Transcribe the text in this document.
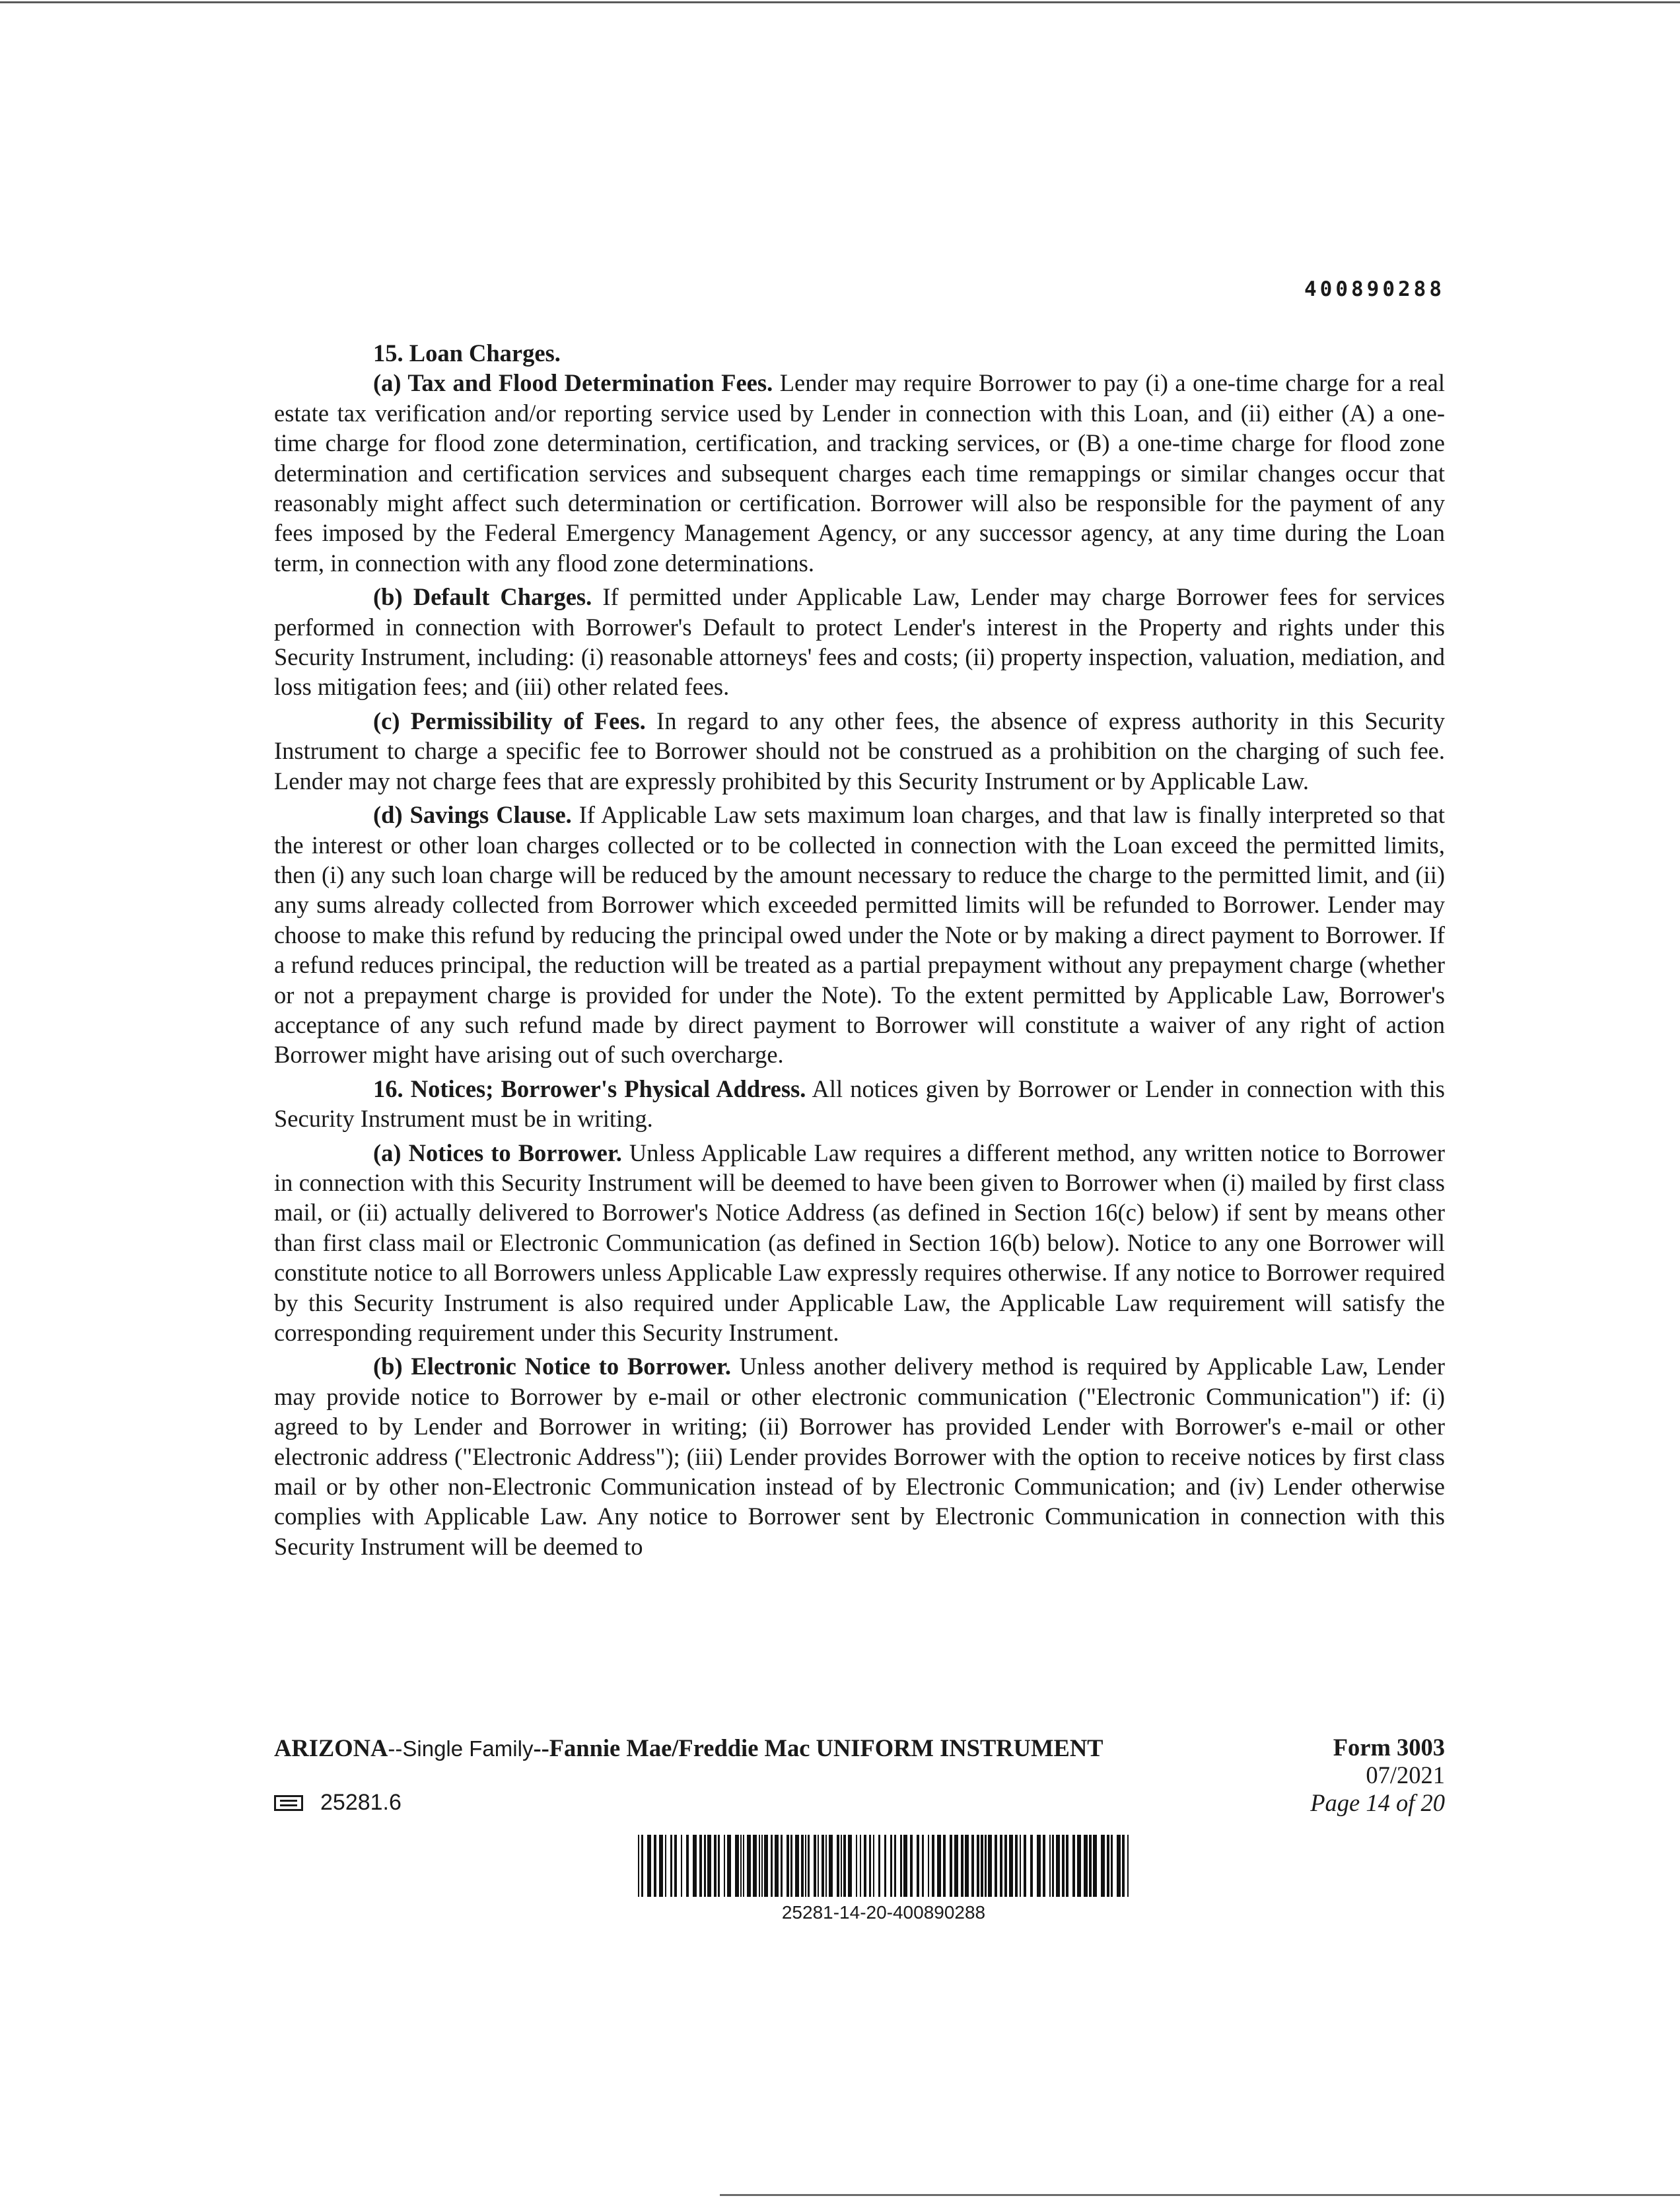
400890288

15. Loan Charges.

(a) Tax and Flood Determination Fees. Lender may require Borrower to pay (i) a one-time charge for a real estate tax verification and/or reporting service used by Lender in connection with this Loan, and (ii) either (A) a one-time charge for flood zone determination, certification, and tracking services, or (B) a one-time charge for flood zone determination and certification services and subsequent charges each time remappings or similar changes occur that reasonably might affect such determination or certification. Borrower will also be responsible for the payment of any fees imposed by the Federal Emergency Management Agency, or any successor agency, at any time during the Loan term, in connection with any flood zone determinations.

(b) Default Charges. If permitted under Applicable Law, Lender may charge Borrower fees for services performed in connection with Borrower's Default to protect Lender's interest in the Property and rights under this Security Instrument, including: (i) reasonable attorneys' fees and costs; (ii) property inspection, valuation, mediation, and loss mitigation fees; and (iii) other related fees.

(c) Permissibility of Fees. In regard to any other fees, the absence of express authority in this Security Instrument to charge a specific fee to Borrower should not be construed as a prohibition on the charging of such fee. Lender may not charge fees that are expressly prohibited by this Security Instrument or by Applicable Law.

(d) Savings Clause. If Applicable Law sets maximum loan charges, and that law is finally interpreted so that the interest or other loan charges collected or to be collected in connection with the Loan exceed the permitted limits, then (i) any such loan charge will be reduced by the amount necessary to reduce the charge to the permitted limit, and (ii) any sums already collected from Borrower which exceeded permitted limits will be refunded to Borrower. Lender may choose to make this refund by reducing the principal owed under the Note or by making a direct payment to Borrower. If a refund reduces principal, the reduction will be treated as a partial prepayment without any prepayment charge (whether or not a prepayment charge is provided for under the Note). To the extent permitted by Applicable Law, Borrower's acceptance of any such refund made by direct payment to Borrower will constitute a waiver of any right of action Borrower might have arising out of such overcharge.

16. Notices; Borrower's Physical Address. All notices given by Borrower or Lender in connection with this Security Instrument must be in writing.

(a) Notices to Borrower. Unless Applicable Law requires a different method, any written notice to Borrower in connection with this Security Instrument will be deemed to have been given to Borrower when (i) mailed by first class mail, or (ii) actually delivered to Borrower's Notice Address (as defined in Section 16(c) below) if sent by means other than first class mail or Electronic Communication (as defined in Section 16(b) below). Notice to any one Borrower will constitute notice to all Borrowers unless Applicable Law expressly requires otherwise. If any notice to Borrower required by this Security Instrument is also required under Applicable Law, the Applicable Law requirement will satisfy the corresponding requirement under this Security Instrument.

(b) Electronic Notice to Borrower. Unless another delivery method is required by Applicable Law, Lender may provide notice to Borrower by e-mail or other electronic communication ("Electronic Communication") if: (i) agreed to by Lender and Borrower in writing; (ii) Borrower has provided Lender with Borrower's e-mail or other electronic address ("Electronic Address"); (iii) Lender provides Borrower with the option to receive notices by first class mail or by other non-Electronic Communication instead of by Electronic Communication; and (iv) Lender otherwise complies with Applicable Law. Any notice to Borrower sent by Electronic Communication in connection with this Security Instrument will be deemed to

ARIZONA--Single Family--Fannie Mae/Freddie Mac UNIFORM INSTRUMENT	Form 3003
07/2021
Page 14 of 20
25281.6
25281-14-20-400890288
